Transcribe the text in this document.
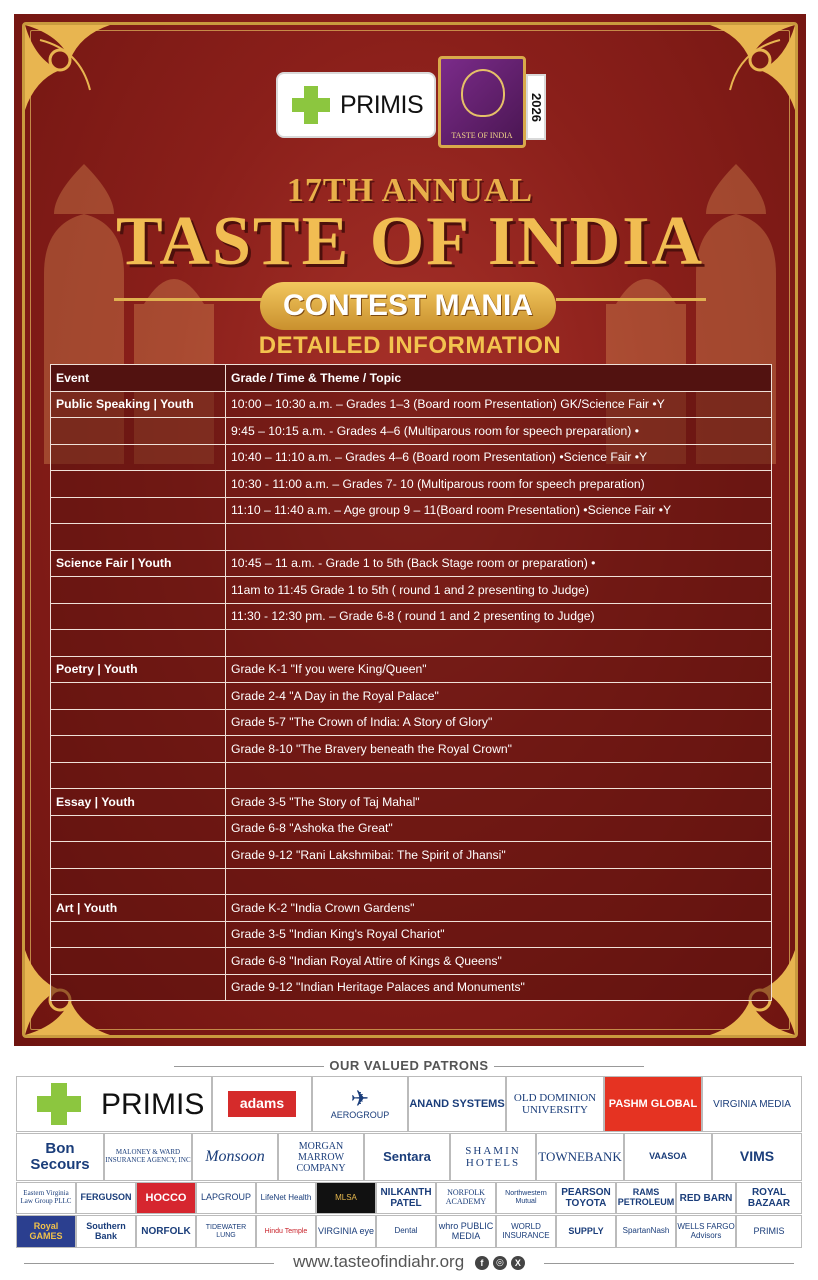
PRIMIS
TASTE OF INDIA
2026
17TH ANNUAL
TASTE OF INDIA
CONTEST MANIA
DETAILED INFORMATION
Event	Grade / Time & Theme / Topic
Public Speaking | Youth	10:00 – 10:30 a.m. – Grades 1–3 (Board room Presentation) GK/Science Fair •Y
	9:45 – 10:15 a.m. - Grades 4–6 (Multiparous room for speech preparation) •
	10:40 – 11:10 a.m. – Grades 4–6 (Board room Presentation) •Science Fair •Y
	10:30 - 11:00 a.m. – Grades 7- 10 (Multiparous room for speech preparation)
	11:10 – 11:40 a.m. – Age group 9 – 11(Board room Presentation) •Science Fair •Y

Science Fair | Youth	10:45 – 11 a.m. - Grade 1 to 5th (Back Stage room or preparation) •
	11am to 11:45 Grade 1 to 5th ( round 1 and 2 presenting to Judge)
	11:30 - 12:30 pm. – Grade 6-8 ( round 1 and 2 presenting to Judge)

Poetry | Youth	Grade K-1 "If you were King/Queen"
	Grade 2-4 "A Day in the Royal Palace"
	Grade 5-7 "The Crown of India: A Story of Glory"
	Grade 8-10 "The Bravery beneath the Royal Crown"

Essay | Youth	Grade 3-5 "The Story of Taj Mahal"
	Grade 6-8 "Ashoka the Great"
	Grade 9-12 "Rani Lakshmibai: The Spirit of Jhansi"

Art | Youth	Grade K-2 "India Crown Gardens"
	Grade 3-5 "Indian King's Royal Chariot"
	Grade 6-8 "Indian Royal Attire of Kings & Queens"
	Grade 9-12 "Indian Heritage Palaces and Monuments"
OUR VALUED PATRONS
PRIMIS	adams	✈
AEROGROUP
ANAND SYSTEMS
OLD DOMINION UNIVERSITY
PASHM GLOBAL	VIRGINIA MEDIA
Bon Secours
MALONEY & WARD INSURANCE AGENCY, INC Monsoon
MORGAN MARROW COMPANY
Sentara	SHAMIN HOTELS	TOWNEBANK	VAASOA	VIMS
Eastern Virginia Law Group PLLC	FERGUSON	HOCCO	LAPGROUP	LifeNet Health	MLSA	NILKANTH PATEL
NORFOLK ACADEMY
Northwestern Mutual
PEARSON TOYOTA
RAMS PETROLEUM RED BARN	ROYAL BAZAAR
Royal GAMES
Southern Bank	NORFOLK	TIDEWATER LUNG
Hindu Temple	VIRGINIA eye	Dental	whro PUBLIC MEDIA
WORLD INSURANCE	SUPPLY	SpartanNash WELLS FARGO Advisors	PRIMIS
www.tasteofindiahr.org	f	◎	X
